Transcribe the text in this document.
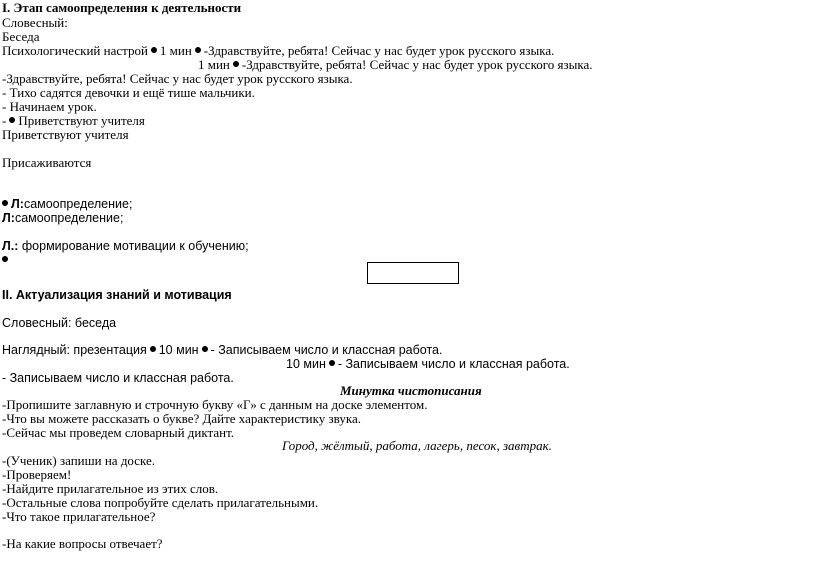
I. Этап самоопределения к деятельности
Словесный:
Беседа
Психологический настрой 1 мин -Здравствуйте, ребята! Сейчас у нас будет урок русского языка.
1 мин -Здравствуйте, ребята! Сейчас у нас будет урок русского языка.
-Здравствуйте, ребята! Сейчас у нас будет урок русского языка.
- Тихо садятся девочки и ещё тише мальчики.
- Начинаем урок.
- Приветствуют учителя
Приветствуют учителя
Присаживаются
Л:самоопределение;
Л:самоопределение;
Л.: формирование мотивации к обучению;
II. Актуализация знаний и мотивация
Словесный: беседа
Наглядный: презентация 10 мин - Записываем число и классная работа.
10 мин - Записываем число и классная работа.
- Записываем число и классная работа.
Минутка чистописания
-Пропишите заглавную и строчную букву «Г» с данным на доске элементом.
-Что вы можете рассказать о букве? Дайте характеристику звука.
-Сейчас мы проведем словарный диктант.
Город, жёлтый, работа, лагерь, песок, завтрак.
-(Ученик) запиши на доске.
-Проверяем!
-Найдите прилагательное из этих слов.
-Остальные слова попробуйте сделать прилагательными.
-Что такое прилагательное?
-На какие вопросы отвечает?
